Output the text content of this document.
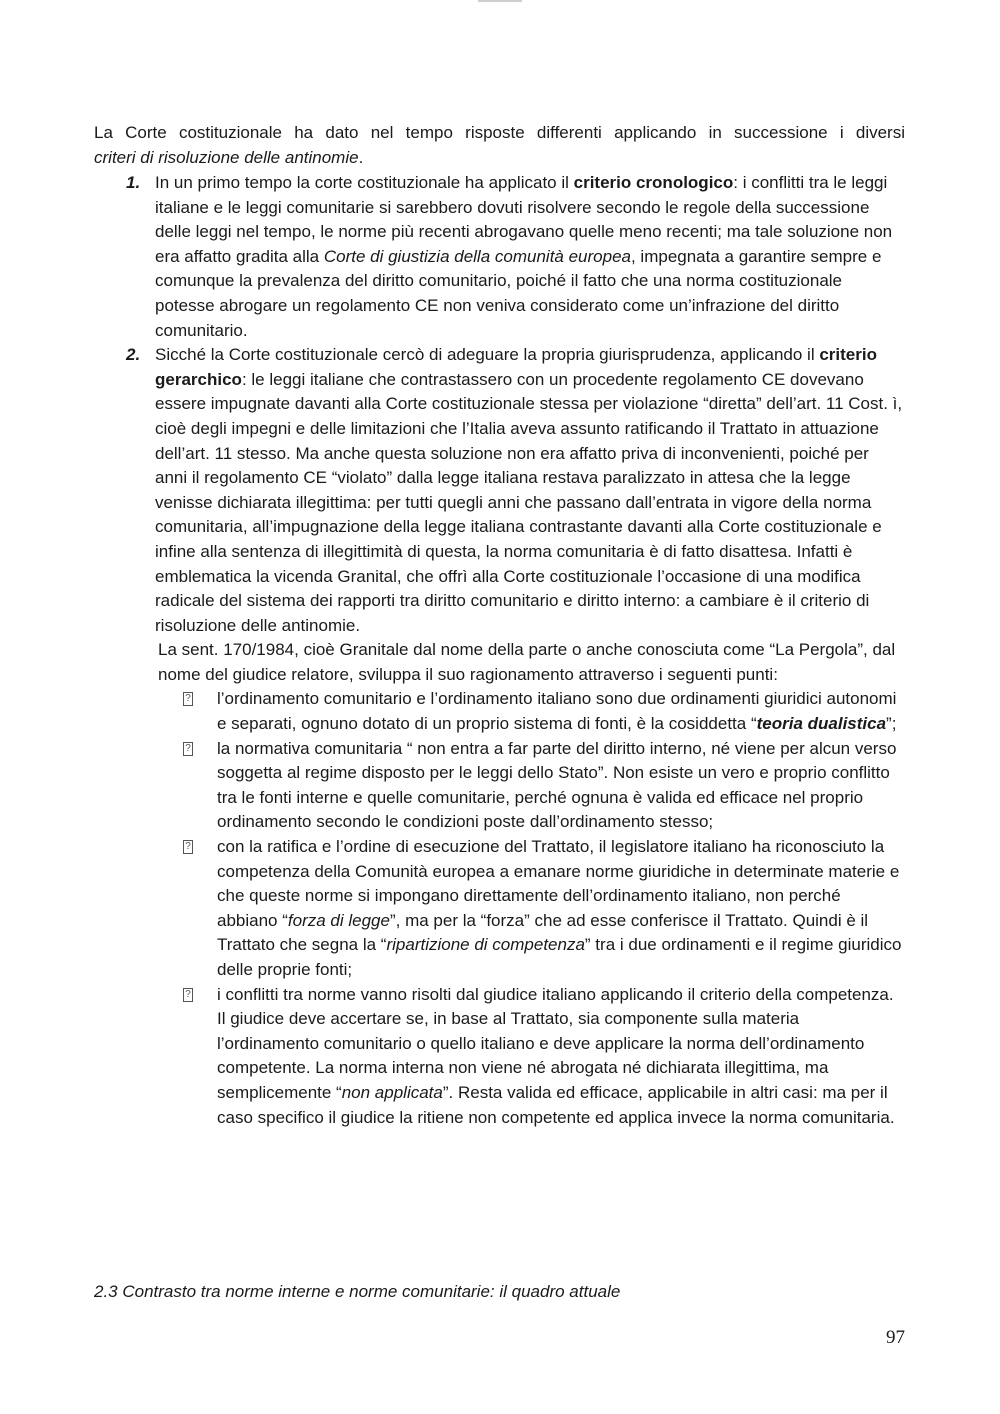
La Corte costituzionale ha dato nel tempo risposte differenti applicando in successione i diversi
criteri di risoluzione delle antinomie.
1. In un primo tempo la corte costituzionale ha applicato il criterio cronologico: i conflitti tra le leggi italiane e le leggi comunitarie si sarebbero dovuti risolvere secondo le regole della successione delle leggi nel tempo, le norme più recenti abrogavano quelle meno recenti; ma tale soluzione non era affatto gradita alla Corte di giustizia della comunità europea, impegnata a garantire sempre e comunque la prevalenza del diritto comunitario, poiché il fatto che una norma costituzionale potesse abrogare un regolamento CE non veniva considerato come un’infrazione del diritto comunitario.
2. Sicché la Corte costituzionale cercò di adeguare la propria giurisprudenza, applicando il criterio gerarchico: le leggi italiane che contrastassero con un procedente regolamento CE dovevano essere impugnate davanti alla Corte costituzionale stessa per violazione “diretta” dell’art. 11 Cost. ì, cioè degli impegni e delle limitazioni che l’Italia aveva assunto ratificando il Trattato in attuazione dell’art. 11 stesso. Ma anche questa soluzione non era affatto priva di inconvenienti, poiché per anni il regolamento CE “violato” dalla legge italiana restava paralizzato in attesa che la legge venisse dichiarata illegittima: per tutti quegli anni che passano dall’entrata in vigore della norma comunitaria, all’impugnazione della legge italiana contrastante davanti alla Corte costituzionale e infine alla sentenza di illegittimità di questa, la norma comunitaria è di fatto disattesa. Infatti è emblematica la vicenda Granital, che offrì alla Corte costituzionale l’occasione di una modifica radicale del sistema dei rapporti tra diritto comunitario e diritto interno: a cambiare è il criterio di risoluzione delle antinomie.
La sent. 170/1984, cioè Granitale dal nome della parte o anche conosciuta come “La Pergola”, dal nome del giudice relatore, sviluppa il suo ragionamento attraverso i seguenti punti:
? l’ordinamento comunitario e l’ordinamento italiano sono due ordinamenti giuridici autonomi e separati, ognuno dotato di un proprio sistema di fonti, è la cosiddetta “teoria dualistica”;
? la normativa comunitaria “ non entra a far parte del diritto interno, né viene per alcun verso soggetta al regime disposto per le leggi dello Stato”. Non esiste un vero e proprio conflitto tra le fonti interne e quelle comunitarie, perché ognuna è valida ed efficace nel proprio ordinamento secondo le condizioni poste dall’ordinamento stesso;
? con la ratifica e l’ordine di esecuzione del Trattato, il legislatore italiano ha riconosciuto la competenza della Comunità europea a emanare norme giuridiche in determinate materie e che queste norme si impongano direttamente dell’ordinamento italiano, non perché abbiano “forza di legge”, ma per la “forza” che ad esse conferisce il Trattato. Quindi è il Trattato che segna la “ripartizione di competenza” tra i due ordinamenti e il regime giuridico delle proprie fonti;
? i conflitti tra norme vanno risolti dal giudice italiano applicando il criterio della competenza. Il giudice deve accertare se, in base al Trattato, sia componente sulla materia l’ordinamento comunitario o quello italiano e deve applicare la norma dell’ordinamento competente. La norma interna non viene né abrogata né dichiarata illegittima, ma semplicemente “non applicata”. Resta valida ed efficace, applicabile in altri casi: ma per il caso specifico il giudice la ritiene non competente ed applica invece la norma comunitaria.
2.3 Contrasto tra norme interne e norme comunitarie: il quadro attuale
97
